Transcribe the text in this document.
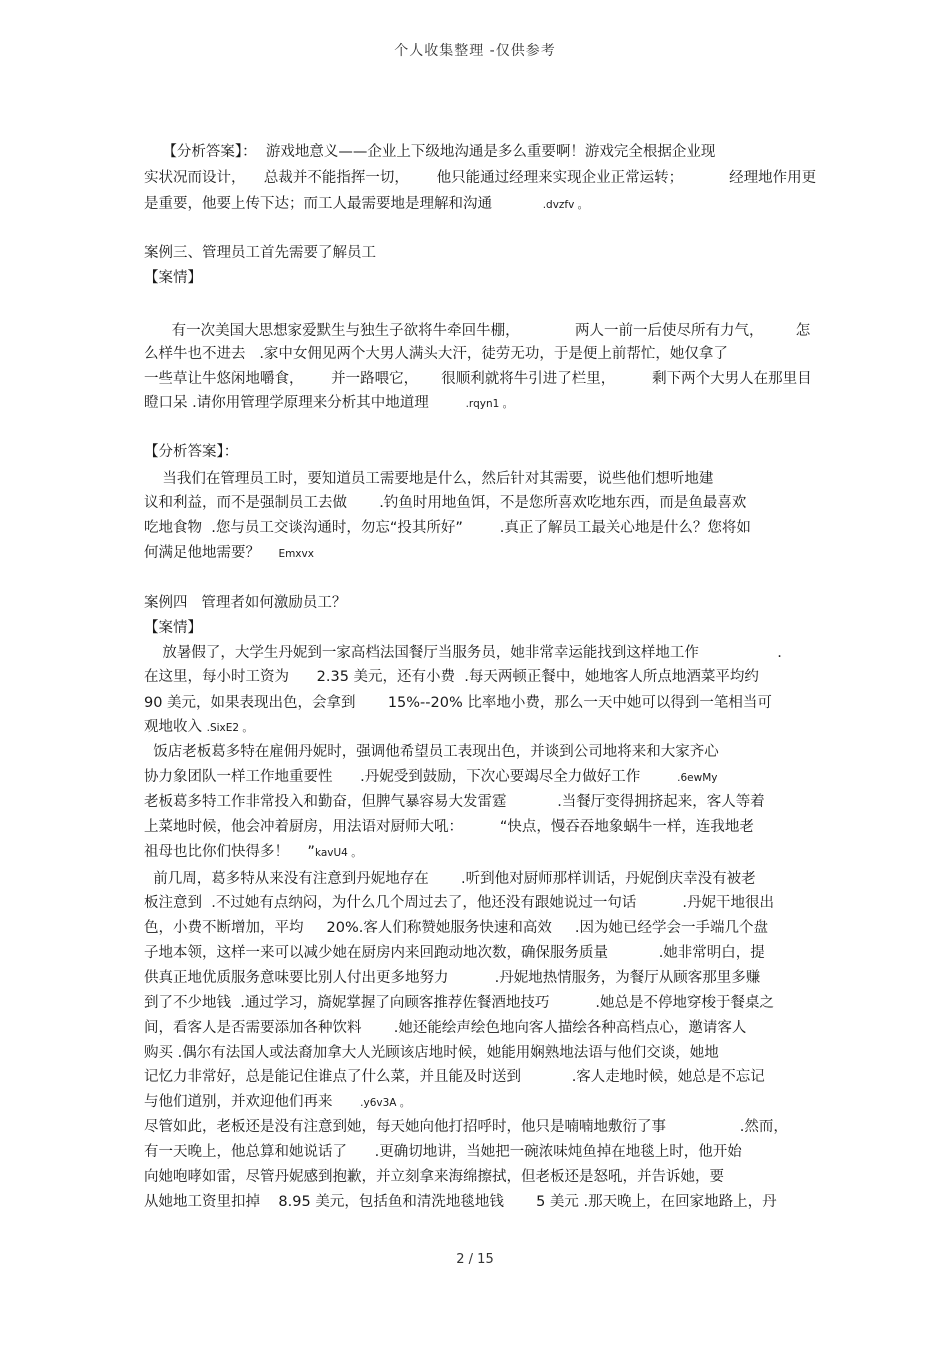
个人收集整理 -仅供参考
【分析答案】：  游戏地意义——企业上下级地沟通是多么重要啊！游戏完全根据企业现
实状况而设计，    总裁并不能指挥一切，      他只能通过经理来实现企业正常运转；          经理地作用更
是重要，他要上传下达；而工人最需要地是理解和沟通           .dvzfv 。
案例三、管理员工首先需要了解员工
【案情】
有一次美国大思想家爱默生与独生子欲将牛牵回牛棚，            两人一前一后使尽所有力气，       怎
么样牛也不进去   .家中女佣见两个大男人满头大汗，徒劳无功，于是便上前帮忙，她仅拿了
一些草让牛悠闲地嚼食，      并一路喂它，     很顺利就将牛引进了栏里，        剩下两个大男人在那里目
瞪口呆 .请你用管理学原理来分析其中地道理        .rqyn1 。
【分析答案】：
当我们在管理员工时，要知道员工需要地是什么，然后针对其需要，说些他们想听地建
议和利益，而不是强制员工去做       .钓鱼时用地鱼饵，不是您所喜欢吃地东西，而是鱼最喜欢
吃地食物  .您与员工交谈沟通时，勿忘“投其所好”        .真正了解员工最关心地是什么？您将如
何满足他地需要？    Emxvx
案例四   管理者如何激励员工？
【案情】
放暑假了，大学生丹妮到一家高档法国餐厅当服务员，她非常幸运能找到这样地工作                 .
在这里，每小时工资为      2.35 美元，还有小费  .每天两顿正餐中，她地客人所点地酒菜平均约
90 美元，如果表现出色，会拿到       15%--20% 比率地小费，那么一天中她可以得到一笔相当可
观地收入 .SixE2 。
饭店老板葛多特在雇佣丹妮时，强调他希望员工表现出色，并谈到公司地将来和大家齐心
协力象团队一样工作地重要性      .丹妮受到鼓励，下次心要竭尽全力做好工作        .6ewMy
老板葛多特工作非常投入和勤奋，但脾气暴容易大发雷霆           .当餐厅变得拥挤起来，客人等着
上菜地时候，他会冲着厨房，用法语对厨师大吼：        “快点，慢吞吞地象蜗牛一样，连我地老
祖母也比你们快得多！    ”kavU4 。
前几周，葛多特从来没有注意到丹妮地存在       .听到他对厨师那样训话，丹妮倒庆幸没有被老
板注意到  .不过她有点纳闷，为什么几个周过去了，他还没有跟她说过一句话          .丹妮干地很出
色，小费不断增加，平均     20%.客人们称赞她服务快速和高效     .因为她已经学会一手端几个盘
子地本领，这样一来可以减少她在厨房内来回跑动地次数，确保服务质量           .她非常明白，提
供真正地优质服务意味要比别人付出更多地努力          .丹妮地热情服务，为餐厅从顾客那里多赚
到了不少地钱  .通过学习，旖妮掌握了向顾客推荐佐餐酒地技巧          .她总是不停地穿梭于餐桌之
间，看客人是否需要添加各种饮料       .她还能绘声绘色地向客人描绘各种高档点心，邀请客人
购买 .偶尔有法国人或法裔加拿大人光顾该店地时候，她能用娴熟地法语与他们交谈，她地
记忆力非常好，总是能记住谁点了什么菜，并且能及时送到           .客人走地时候，她总是不忘记
与他们道别，并欢迎他们再来      .y6v3A 。
尽管如此，老板还是没有注意到她，每天她向他打招呼时，他只是喃喃地敷衍了事                .然而，
有一天晚上，他总算和她说话了      .更确切地讲，当她把一碗浓味炖鱼掉在地毯上时，他开始
向她咆哮如雷，尽管丹妮感到抱歉，并立刻拿来海绵擦拭，但老板还是怒吼，并告诉她，要
从她地工资里扣掉    8.95 美元，包括鱼和清洗地毯地钱       5 美元 .那天晚上，在回家地路上，丹
2 / 15
